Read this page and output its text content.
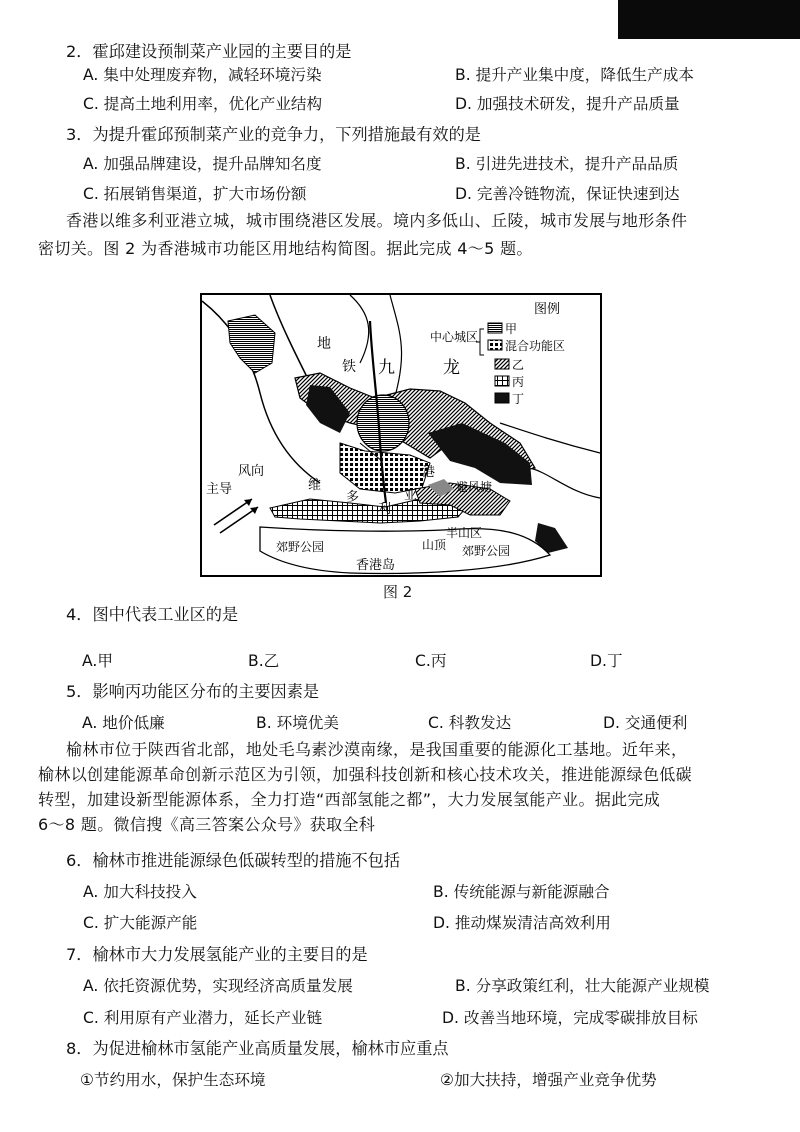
2．霍邱建设预制菜产业园的主要目的是
A. 集中处理废弃物，减轻环境污染	B. 提升产业集中度，降低生产成本
C. 提高土地利用率，优化产业结构	D. 加强技术研发，提升产品质量
3．为提升霍邱预制菜产业的竞争力，下列措施最有效的是
A. 加强品牌建设，提升品牌知名度	B. 引进先进技术，提升产品品质
C. 拓展销售渠道，扩大市场份额	D. 完善冷链物流，保证快速到达
香港以维多利亚港立城，城市围绕港区发展。境内多低山、丘陵，城市发展与地形条件
密切关。图 2 为香港城市功能区用地结构简图。据此完成 4～5 题。
地
铁 九	龙
风向
主导	维
多
利
亚
港
避风塘
郊野公园	山顶
半山区
郊野公园
香港岛
图例
中心城区
甲
混合功能区
乙
丙
丁
图 2
4．图中代表工业区的是
A.甲	B.乙	C.丙	D.丁
5．影响丙功能区分布的主要因素是
A. 地价低廉	B. 环境优美	C. 科教发达	D. 交通便利
榆林市位于陕西省北部，地处毛乌素沙漠南缘，是我国重要的能源化工基地。近年来，
榆林以创建能源革命创新示范区为引领，加强科技创新和核心技术攻关，推进能源绿色低碳
转型，加建设新型能源体系，全力打造“西部氢能之都”，大力发展氢能产业。据此完成
6～8 题。微信搜《高三答案公众号》获取全科
6．榆林市推进能源绿色低碳转型的措施不包括
A. 加大科技投入	B. 传统能源与新能源融合
C. 扩大能源产能	D. 推动煤炭清洁高效利用
7．榆林市大力发展氢能产业的主要目的是
A. 依托资源优势，实现经济高质量发展	B. 分享政策红利，壮大能源产业规模
C. 利用原有产业潜力，延长产业链	D. 改善当地环境，完成零碳排放目标
8．为促进榆林市氢能产业高质量发展，榆林市应重点
①节约用水，保护生态环境	②加大扶持，增强产业竞争优势
